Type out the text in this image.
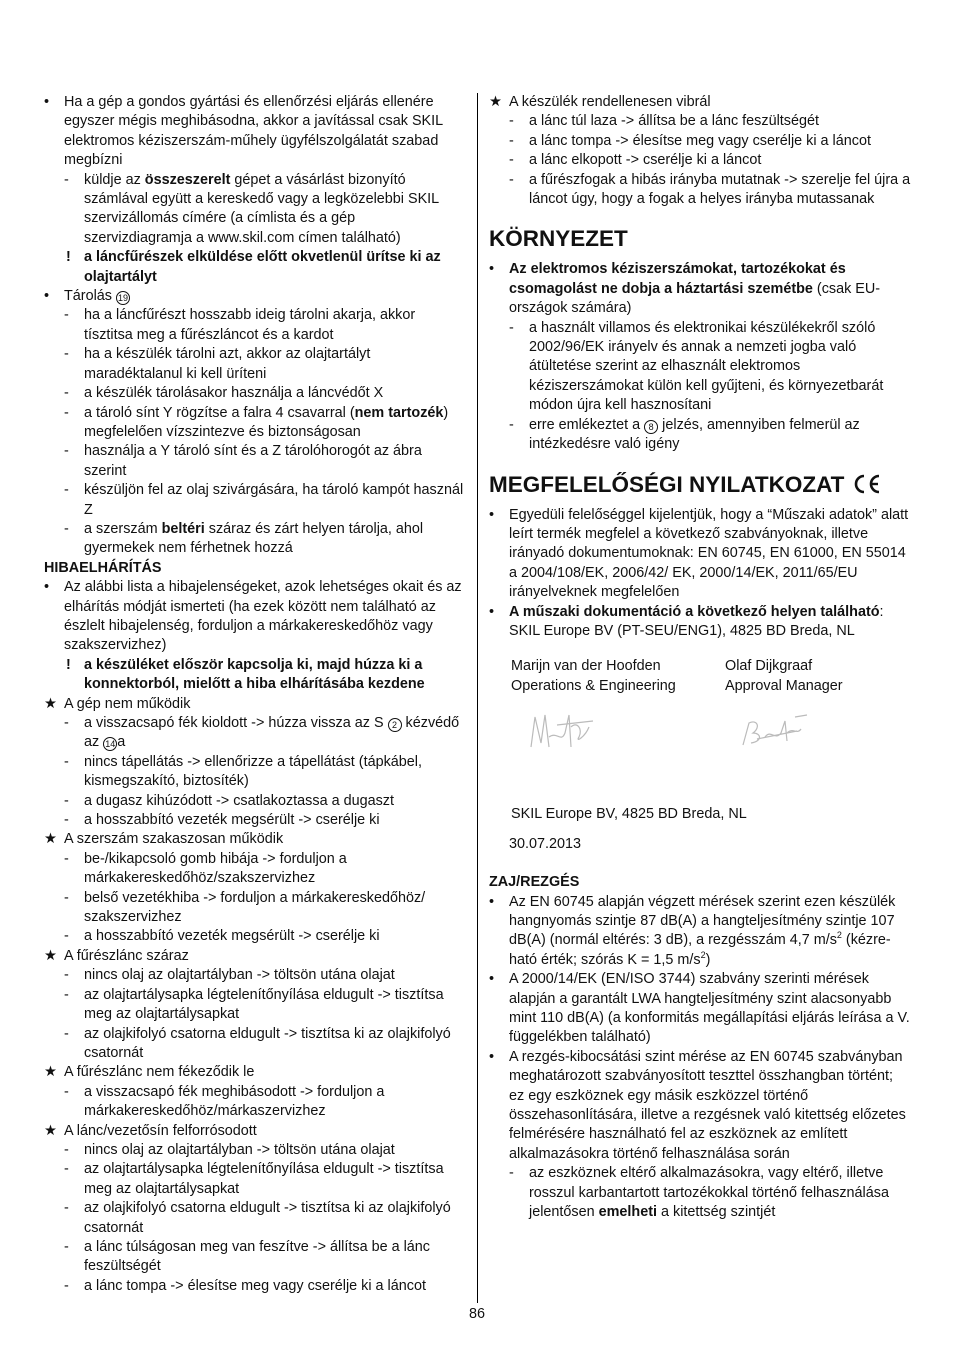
• Ha a gép a gondos gyártási és ellenőrzési eljárás ellenére egyszer mégis meghibásodna, akkor a javítással csak SKIL elektromos kéziszerszám-műhely ügyfélszolgálatát szabad megbízni
- küldje az összeszerelt gépet a vásárlást bizonyító számlával együtt a kereskedő vagy a legközelebbi SKIL szervizállomás címére (a címlista és a gép szervizdiagramja a www.skil.com címen található)
! a láncfűrészek elküldése előtt okvetlenül ürítse ki az olajtartályt
• Tárolás 19
- ha a láncfűrészt hosszabb ideig tárolni akarja, akkor tísztitsa meg a fűrészláncot és a kardot
- ha a készülék tárolni azt, akkor az olajtartályt maradéktalanul ki kell üríteni
- a készülék tárolásakor használja a láncvédőt X
- a tároló sínt Y rögzítse a falra 4 csavarral (nem tartozék) megfelelően vízszintezve és biztonságosan
- használja a Y tároló sínt és a Z tárolóhorogót az ábra szerint
- készüljön fel az olaj szivárgására, ha tároló kampót használ Z
- a szerszám beltéri száraz és zárt helyen tárolja, ahol gyermekek nem férhetnek hozzá
HIBAELHÁRÍTÁS
• Az alábbi lista a hibajelenségeket, azok lehetséges okait és az elhárítás módját ismerteti (ha ezek között nem található az észlelt hibajelenség, forduljon a márkakereskedőhöz vagy szakszervizhez)
! a készüléket először kapcsolja ki, majd húzza ki a konnektorból, mielőtt a hiba elhárításába kezdene
★ A gép nem működik
- a visszacsapó fék kioldott -> húzza vissza az S 2 kézvédő az 14 a
- nincs tápellátás -> ellenőrizze a tápellátást (tápkábel, kismegszakító, biztosíték)
- a dugasz kihúzódott -> csatlakoztassa a dugaszt
- a hosszabbító vezeték megsérült -> cserélje ki
★ A szerszám szakaszosan működik
- be-/kikapcsoló gomb hibája -> forduljon a márkakereskedőhöz/szakszervizhez
- belső vezetékhiba -> forduljon a márkakereskedőhöz/ szakszervizhez
- a hosszabbító vezeték megsérült -> cserélje ki
★ A fűrészlánc száraz
- nincs olaj az olajtartályban -> töltsön utána olajat
- az olajtartálysapka légtelenítőnyílása eldugult -> tisztítsa meg az olajtartálysapkat
- az olajkifolyó csatorna eldugult -> tisztítsa ki az olajkifolyó csatornát
★ A fűrészlánc nem fékeződik le
- a visszacsapó fék meghibásodott -> forduljon a márkakereskedőhöz/márkaszervizhez
★ A lánc/vezetősín felforrósodott
- nincs olaj az olajtartályban -> töltsön utána olajat
- az olajtartálysapka légtelenítőnyílása eldugult -> tisztítsa meg az olajtartálysapkat
- az olajkifolyó csatorna eldugult -> tisztítsa ki az olajkifolyó csatornát
- a lánc túlságosan meg van feszítve -> állítsa be a lánc feszültségét
- a lánc tompa -> élesítse meg vagy cserélje ki a láncot
★ A készülék rendellenesen vibrál
- a lánc túl laza -> állítsa be a lánc feszültségét
- a lánc tompa -> élesítse meg vagy cserélje ki a láncot
- a lánc elkopott -> cserélje ki a láncot
- a fűrészfogak a hibás irányba mutatnak -> szerelje fel újra a láncot úgy, hogy a fogak a helyes irányba mutassanak
KÖRNYEZET
• Az elektromos kéziszerszámokat, tartozékokat és csomagolást ne dobja a háztartási szemétbe (csak EU-országok számára)
- a használt villamos és elektronikai készülékekről szóló 2002/96/EK irányelv és annak a nemzeti jogba való átültetése szerint az elhasznált elektromos kéziszerszámokat külön kell gyűjteni, és környezetbarát módon újra kell hasznosítani
- erre emlékeztet a 8 jelzés, amennyiben felmerül az intézkedésre való igény
MEGFELELŐSÉGI NYILATKOZAT
• Egyedüli felelőséggel kijelentjük, hogy a “Műszaki adatok” alatt leírt termék megfelel a következő szabványoknak, illetve irányadó dokumentumoknak: EN 60745, EN 61000, EN 55014 a 2004/108/EK, 2006/42/ EK, 2000/14/EK, 2011/65/EU irányelveknek megfelelően
• A műszaki dokumentáció a következő helyen található: SKIL Europe BV (PT-SEU/ENG1), 4825 BD Breda, NL
Marijn van der Hoofden
Operations & Engineering
Olaf Dijkgraaf
Approval Manager
SKIL Europe BV, 4825 BD Breda, NL
30.07.2013
ZAJ/REZGÉS
• Az EN 60745 alapján végzett mérések szerint ezen készülék hangnyomás szintje 87 dB(A) a hangteljesítmény szintje 107 dB(A) (normál eltérés: 3 dB), a rezgésszám 4,7 $m/s^2$ (kézre-ható érték; szórás K = 1,5 $m/s^2$)
• A 2000/14/EK (EN/ISO 3744) szabvány szerinti mérések alapján a garantált LWA hangteljesítmény szint alacsonyabb mint 110 dB(A) (a konformitás megállapítási eljárás leírása a V. függelékben található)
• A rezgés-kibocsátási szint mérése az EN 60745 szabványban meghatározott szabványosított teszttel összhangban történt; ez egy eszköznek egy másik eszközzel történő összehasonlítására, illetve a rezgésnek való kitettség előzetes felmérésére használható fel az eszköznek az említett alkalmazásokra történő felhasználása során
- az eszköznek eltérő alkalmazásokra, vagy eltérő, illetve rosszul karbantartott tartozékokkal történő felhasználása jelentősen emelheti a kitettség szintjét
86
